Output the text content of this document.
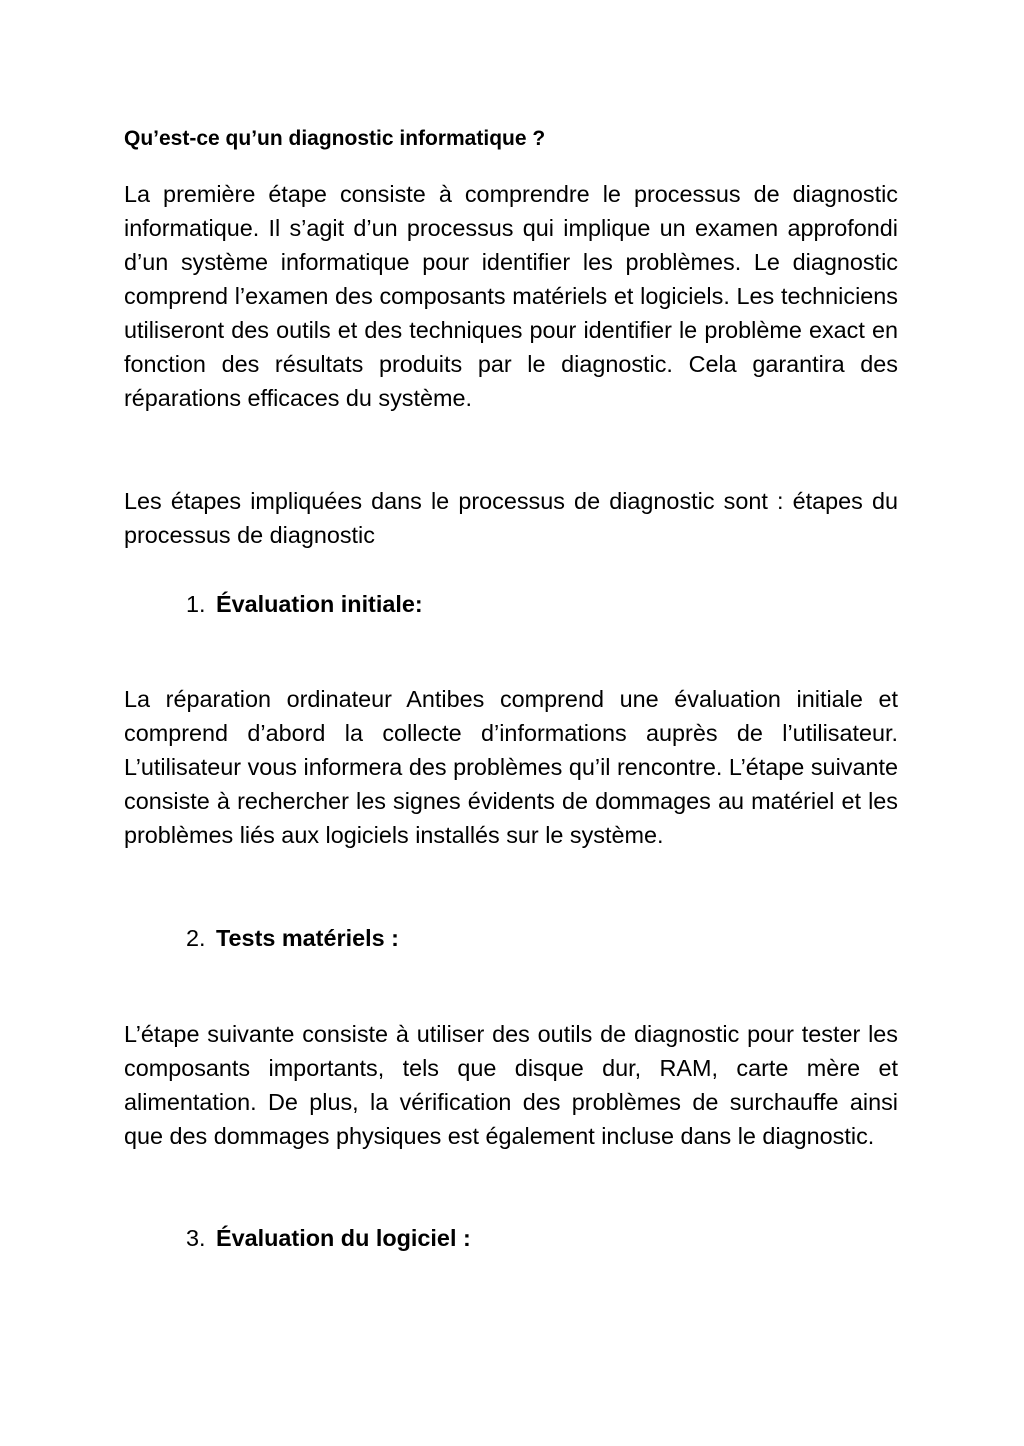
Qu’est-ce qu’un diagnostic informatique ?

La première étape consiste à comprendre le processus de diagnostic informatique. Il s’agit d’un processus qui implique un examen approfondi d’un système informatique pour identifier les problèmes. Le diagnostic comprend l’examen des composants matériels et logiciels. Les techniciens utiliseront des outils et des techniques pour identifier le problème exact en fonction des résultats produits par le diagnostic. Cela garantira des réparations efficaces du système.

Les étapes impliquées dans le processus de diagnostic sont : étapes du processus de diagnostic

1. Évaluation initiale:

La réparation ordinateur Antibes comprend une évaluation initiale et comprend d’abord la collecte d’informations auprès de l’utilisateur. L’utilisateur vous informera des problèmes qu’il rencontre. L’étape suivante consiste à rechercher les signes évidents de dommages au matériel et les problèmes liés aux logiciels installés sur le système.

2. Tests matériels :

L’étape suivante consiste à utiliser des outils de diagnostic pour tester les composants importants, tels que disque dur, RAM, carte mère et alimentation. De plus, la vérification des problèmes de surchauffe ainsi que des dommages physiques est également incluse dans le diagnostic.

3. Évaluation du logiciel :
